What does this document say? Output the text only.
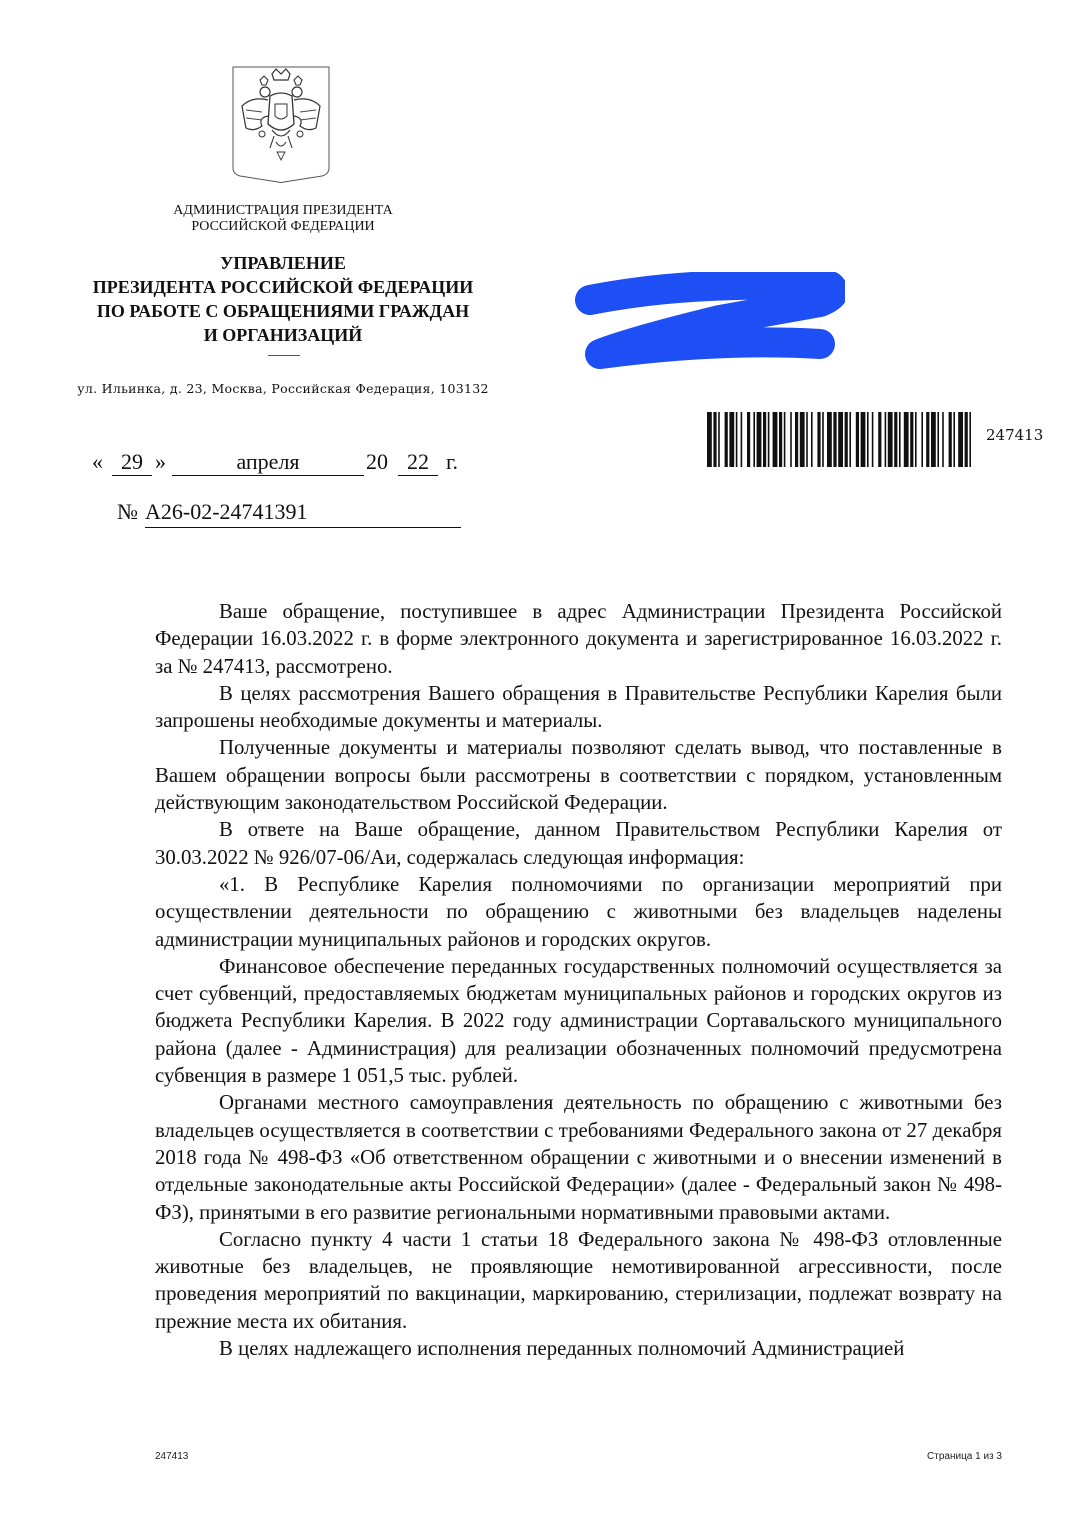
АДМИНИСТРАЦИЯ ПРЕЗИДЕНТА
РОССИЙСКОЙ ФЕДЕРАЦИИ
УПРАВЛЕНИЕ
ПРЕЗИДЕНТА РОССИЙСКОЙ ФЕДЕРАЦИИ
ПО РАБОТЕ С ОБРАЩЕНИЯМИ ГРАЖДАН
И ОРГАНИЗАЦИЙ
ул. Ильинка, д. 23, Москва, Российская Федерация, 103132
247413
« 29 »	апреля	20 22 г.
№ А26-02-24741391

Ваше обращение, поступившее в адрес Администрации Президента Российской Федерации 16.03.2022 г. в форме электронного документа и зарегистрированное 16.03.2022 г. за № 247413, рассмотрено.

В целях рассмотрения Вашего обращения в Правительстве Республики Карелия были запрошены необходимые документы и материалы.

Полученные документы и материалы позволяют сделать вывод, что поставленные в Вашем обращении вопросы были рассмотрены в соответствии с порядком, установленным действующим законодательством Российской Федерации.

В ответе на Ваше обращение, данном Правительством Республики Карелия от 30.03.2022 № 926/07-06/Аи, содержалась следующая информация:

«1. В Республике Карелия полномочиями по организации мероприятий при осуществлении деятельности по обращению с животными без владельцев наделены администрации муниципальных районов и городских округов.

Финансовое обеспечение переданных государственных полномочий осуществляется за счет субвенций, предоставляемых бюджетам муниципальных районов и городских округов из бюджета Республики Карелия. В 2022 году администрации Сортавальского муниципального района (далее - Администрация) для реализации обозначенных полномочий предусмотрена субвенция в размере 1 051,5 тыс. рублей.

Органами местного самоуправления деятельность по обращению с животными без владельцев осуществляется в соответствии с требованиями Федерального закона от 27 декабря 2018 года № 498-ФЗ «Об ответственном обращении с животными и о внесении изменений в отдельные законодательные акты Российской Федерации» (далее - Федеральный закон № 498-ФЗ), принятыми в его развитие региональными нормативными правовыми актами.

Согласно пункту 4 части 1 статьи 18 Федерального закона № 498-ФЗ отловленные животные без владельцев, не проявляющие немотивированной агрессивности, после проведения мероприятий по вакцинации, маркированию, стерилизации, подлежат возврату на прежние места их обитания.

В целях надлежащего исполнения переданных полномочий Администрацией

247413	Страница 1 из 3
